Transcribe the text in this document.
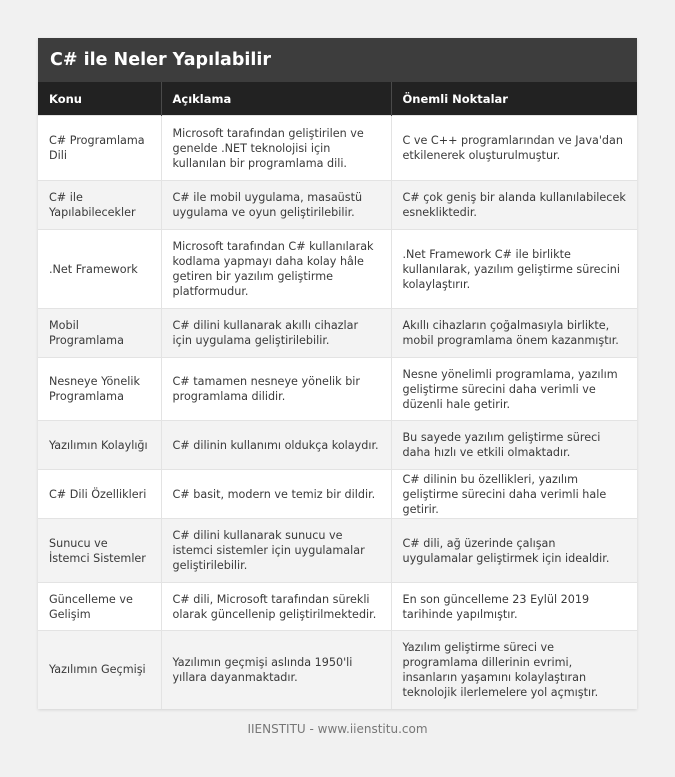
C# ile Neler Yapılabilir
Konu	Açıklama	Önemli Noktalar
C# Programlama Dili	Microsoft tarafından geliştirilen ve genelde .NET teknolojisi için kullanılan bir programlama dili.	C ve C++ programlarından ve Java'dan etkilenerek oluşturulmuştur.
C# ile Yapılabilecekler	C# ile mobil uygulama, masaüstü uygulama ve oyun geliştirilebilir.	C# çok geniş bir alanda kullanılabilecek esnekliktedir.
.Net Framework	Microsoft tarafından C# kullanılarak kodlama yapmayı daha kolay hâle getiren bir yazılım geliştirme platformudur.	.Net Framework C# ile birlikte kullanılarak, yazılım geliştirme sürecini kolaylaştırır.
Mobil Programlama	C# dilini kullanarak akıllı cihazlar için uygulama geliştirilebilir.	Akıllı cihazların çoğalmasıyla birlikte, mobil programlama önem kazanmıştır.
Nesneye Yönelik Programlama	C# tamamen nesneye yönelik bir programlama dilidir.	Nesne yönelimli programlama, yazılım geliştirme sürecini daha verimli ve düzenli hale getirir.
Yazılımın Kolaylığı	C# dilinin kullanımı oldukça kolaydır.	Bu sayede yazılım geliştirme süreci daha hızlı ve etkili olmaktadır.
C# Dili Özellikleri	C# basit, modern ve temiz bir dildir.	C# dilinin bu özellikleri, yazılım geliştirme sürecini daha verimli hale getirir.
Sunucu ve İstemci Sistemler	C# dilini kullanarak sunucu ve istemci sistemler için uygulamalar geliştirilebilir.	C# dili, ağ üzerinde çalışan uygulamalar geliştirmek için idealdir.
Güncelleme ve Gelişim	C# dili, Microsoft tarafından sürekli olarak güncellenip geliştirilmektedir.	En son güncelleme 23 Eylül 2019 tarihinde yapılmıştır.
Yazılımın Geçmişi	Yazılımın geçmişi aslında 1950'li yıllara dayanmaktadır.	Yazılım geliştirme süreci ve programlama dillerinin evrimi, insanların yaşamını kolaylaştıran teknolojik ilerlemelere yol açmıştır.
IIENSTITU - www.iienstitu.com
